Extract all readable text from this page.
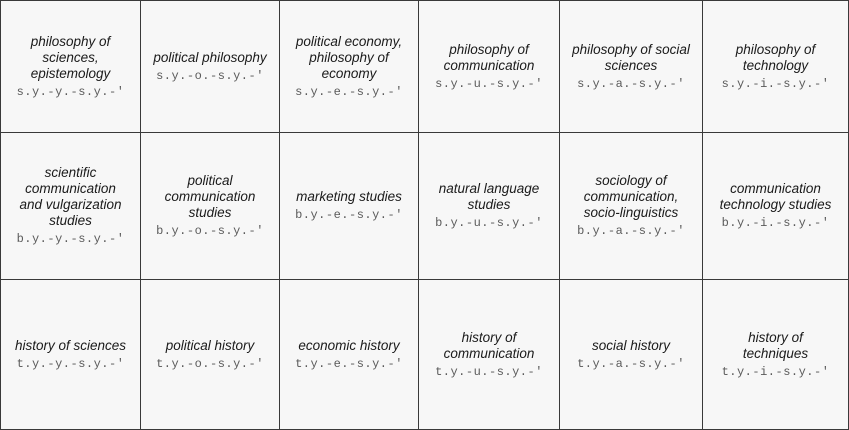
philosophy of sciences, epistemology
s.y.-y.-s.y.-'
political philosophy
s.y.-o.-s.y.-'
political economy, philosophy of economy
s.y.-e.-s.y.-'
philosophy of communication
s.y.-u.-s.y.-'
philosophy of social sciences
s.y.-a.-s.y.-'
philosophy of technology
s.y.-i.-s.y.-'
scientific communication and vulgarization studies
b.y.-y.-s.y.-'
political communication studies
b.y.-o.-s.y.-'
marketing studies
b.y.-e.-s.y.-'
natural language studies
b.y.-u.-s.y.-'
sociology of communication, socio-linguistics
b.y.-a.-s.y.-'
communication technology studies
b.y.-i.-s.y.-'
history of sciences
t.y.-y.-s.y.-'
political history
t.y.-o.-s.y.-'
economic history
t.y.-e.-s.y.-'
history of communication
t.y.-u.-s.y.-'
social history
t.y.-a.-s.y.-'
history of techniques
t.y.-i.-s.y.-'
